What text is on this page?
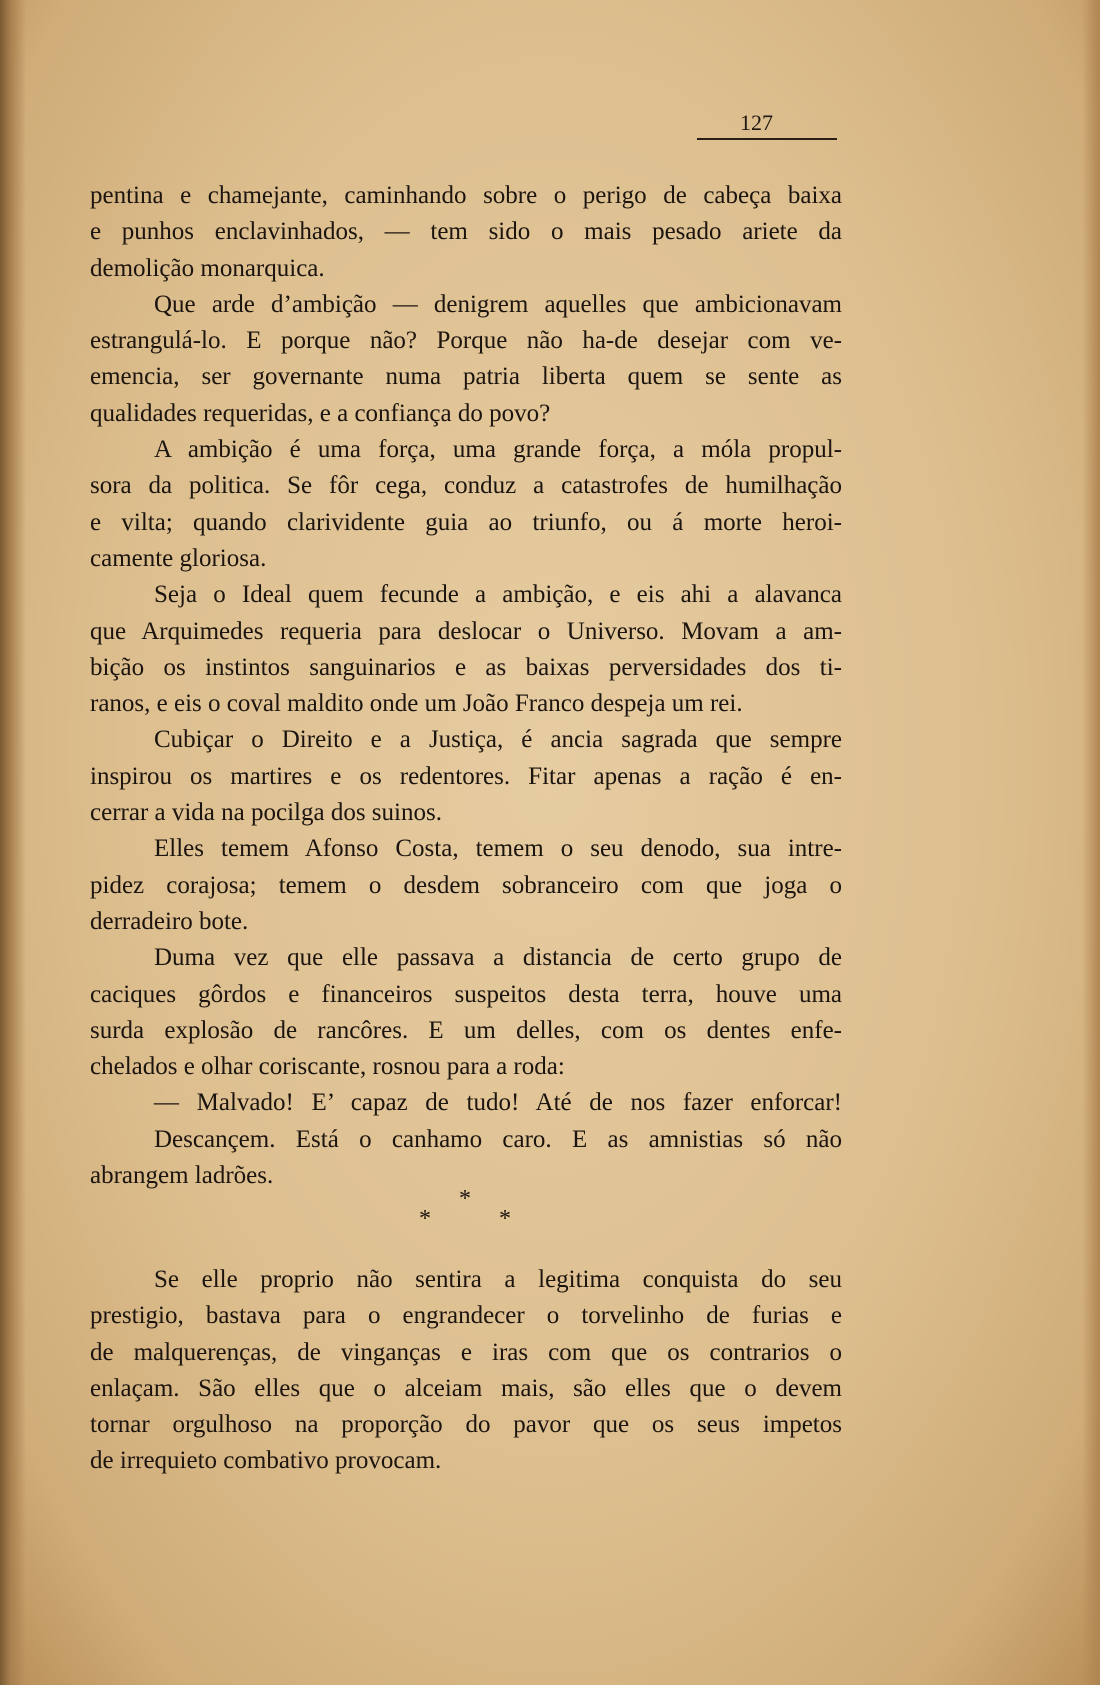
127
pentina e chamejante, caminhando sobre o perigo de cabeça baixa
e punhos enclavinhados, — tem sido o mais pesado ariete da
demolição monarquica.
Que arde d’ambição — denigrem aquelles que ambicionavam
estrangulá-lo. E porque não? Porque não ha-de desejar com ve-
emencia, ser governante numa patria liberta quem se sente as
qualidades requeridas, e a confiança do povo?
A ambição é uma força, uma grande força, a móla propul-
sora da politica. Se fôr cega, conduz a catastrofes de humilhação
e vilta; quando clarividente guia ao triunfo, ou á morte heroi-
camente gloriosa.
Seja o Ideal quem fecunde a ambição, e eis ahi a alavanca
que Arquimedes requeria para deslocar o Universo. Movam a am-
bição os instintos sanguinarios e as baixas perversidades dos ti-
ranos, e eis o coval maldito onde um João Franco despeja um rei.
Cubiçar o Direito e a Justiça, é ancia sagrada que sempre
inspirou os martires e os redentores. Fitar apenas a ração é en-
cerrar a vida na pocilga dos suinos.
Elles temem Afonso Costa, temem o seu denodo, sua intre-
pidez corajosa; temem o desdem sobranceiro com que joga o
derradeiro bote.
Duma vez que elle passava a distancia de certo grupo de
caciques gôrdos e financeiros suspeitos desta terra, houve uma
surda explosão de rancôres. E um delles, com os dentes enfe-
chelados e olhar coriscante, rosnou para a roda:
— Malvado! E’ capaz de tudo! Até de nos fazer enforcar!
Descançem. Está o canhamo caro. E as amnistias só não
abrangem ladrões.
*
*	*
Se elle proprio não sentira a legitima conquista do seu
prestigio, bastava para o engrandecer o torvelinho de furias e
de malquerenças, de vinganças e iras com que os contrarios o
enlaçam. São elles que o alceiam mais, são elles que o devem
tornar orgulhoso na proporção do pavor que os seus impetos
de irrequieto combativo provocam.
